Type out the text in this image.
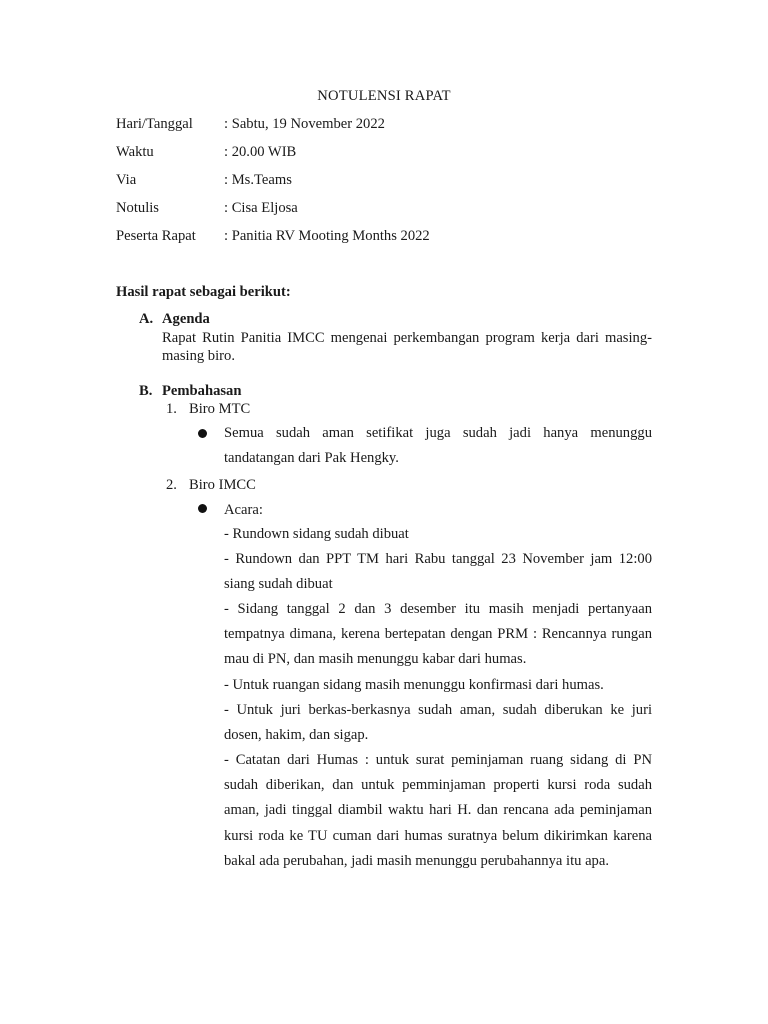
NOTULENSI RAPAT
Hari/Tanggal : Sabtu, 19 November 2022
Waktu	: 20.00 WIB
Via	: Ms.Teams
Notulis	: Cisa Eljosa
Peserta Rapat : Panitia RV Mooting Months 2022
Hasil rapat sebagai berikut:
A. Agenda
Rapat Rutin Panitia IMCC mengenai perkembangan program kerja dari masing-masing biro.
B. Pembahasan
1. Biro MTC
Semua sudah aman setifikat juga sudah jadi hanya menunggu tandatangan dari Pak Hengky.
2. Biro IMCC
Acara:
- Rundown sidang sudah dibuat
- Rundown dan PPT TM hari Rabu tanggal 23 November jam 12:00 siang sudah dibuat
- Sidang tanggal 2 dan 3 desember itu masih menjadi pertanyaan tempatnya dimana, kerena bertepatan dengan PRM : Rencannya rungan mau di PN, dan masih menunggu kabar dari humas.
- Untuk ruangan sidang masih menunggu konfirmasi dari humas.
- Untuk juri berkas-berkasnya sudah aman, sudah diberukan ke juri dosen, hakim, dan sigap.
- Catatan dari Humas : untuk surat peminjaman ruang sidang di PN sudah diberikan, dan untuk pemminjaman properti kursi roda sudah aman, jadi tinggal diambil waktu hari H. dan rencana ada peminjaman kursi roda ke TU cuman dari humas suratnya belum dikirimkan karena bakal ada perubahan, jadi masih menunggu perubahannya itu apa.
